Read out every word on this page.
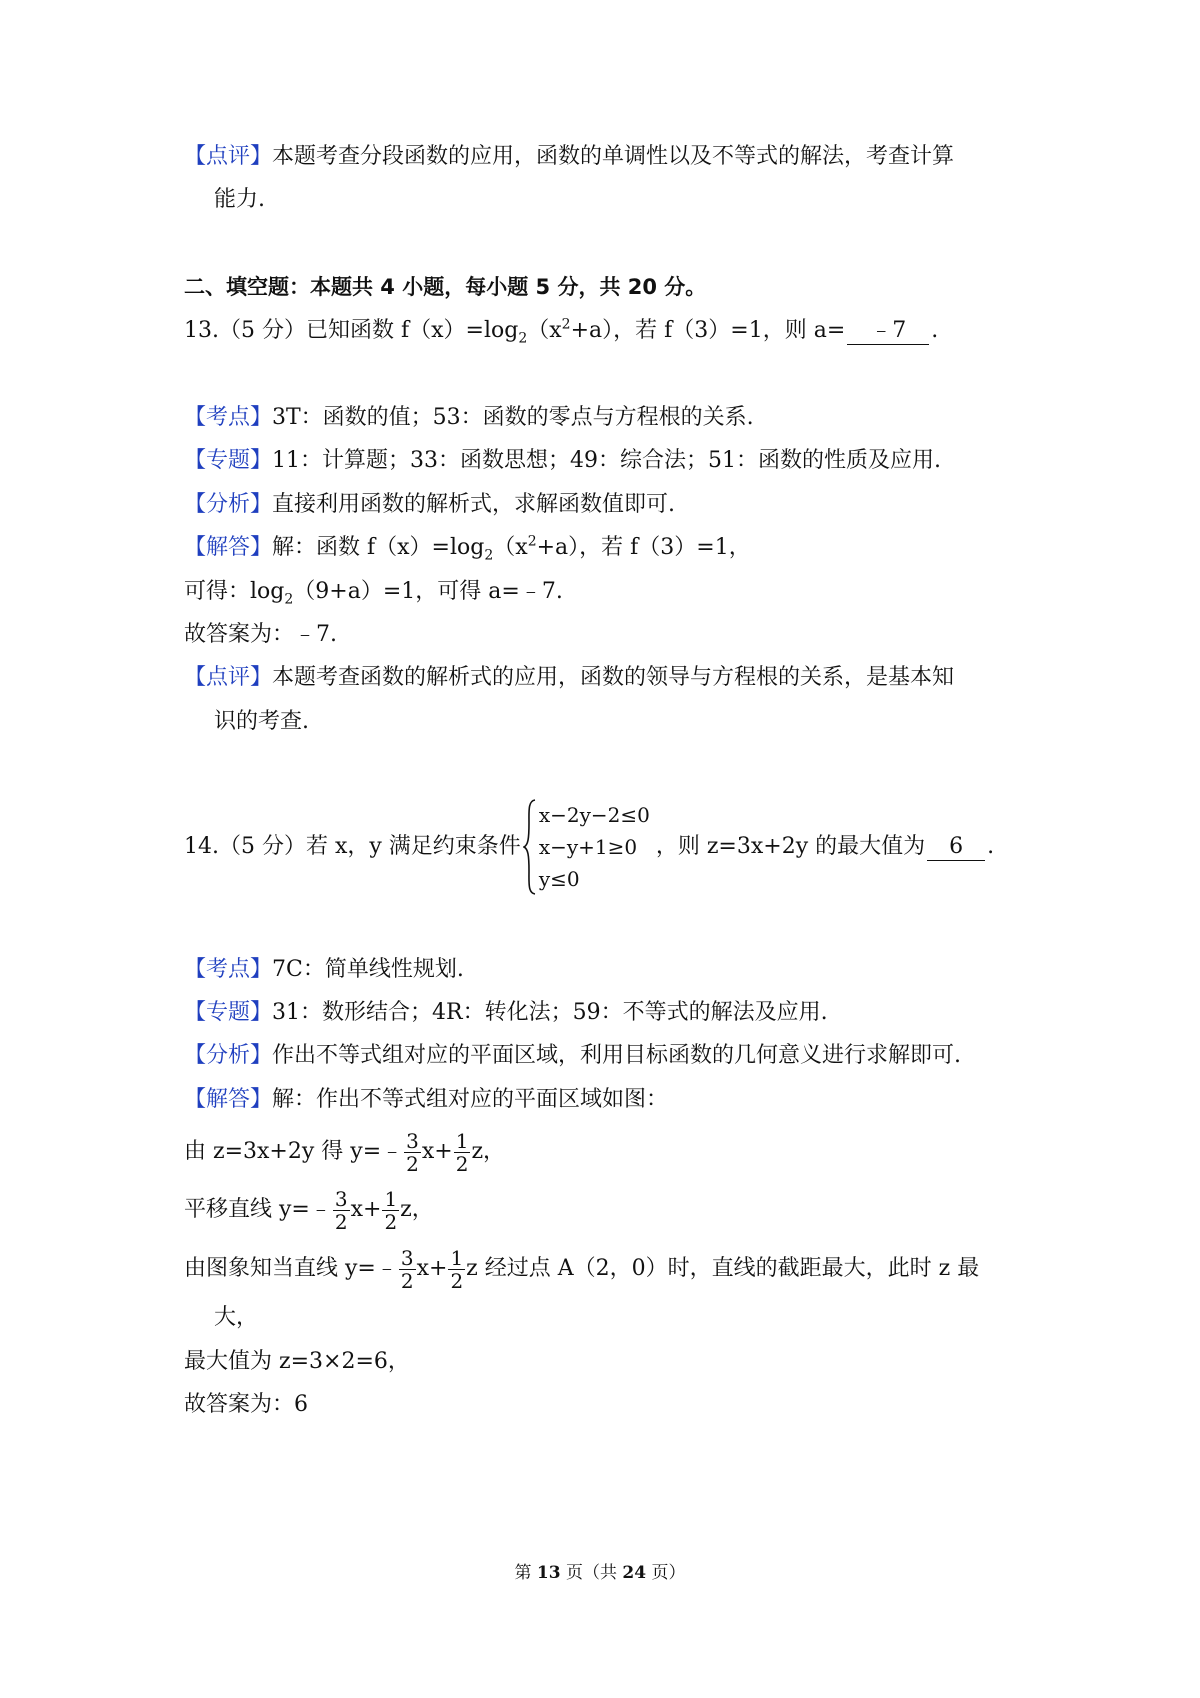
【点评】本题考查分段函数的应用，函数的单调性以及不等式的解法，考查计算
能力.
二、填空题：本题共 4 小题，每小题 5 分，共 20 分。
13.（5 分）已知函数 $f(x)=\log_2(x^2+a)$，若 f（3）=1，则 a= ﹣7 .
【考点】3T：函数的值；53：函数的零点与方程根的关系.
【专题】11：计算题；33：函数思想；49：综合法；51：函数的性质及应用.
【分析】直接利用函数的解析式，求解函数值即可.
【解答】解：函数 $f(x)=\log_2(x^2+a)$，若 f（3）=1，
可得：$\log_2(9+a)=1$，可得 a=﹣7.
故答案为：﹣7.
【点评】本题考查函数的解析式的应用，函数的领导与方程根的关系，是基本知
识的考查.
14.（5 分）若 x，y 满足约束条件
x−2y−2≤0
x−y+1≥0
y≤0
，则 z=3x+2y 的最大值为 6 .
【考点】7C：简单线性规划.
【专题】31：数形结合；4R：转化法；59：不等式的解法及应用.
【分析】作出不等式组对应的平面区域，利用目标函数的几何意义进行求解即可.
【解答】解：作出不等式组对应的平面区域如图：
由 z=3x+2y 得 y=﹣ $\frac{3}{2} x+ \frac{1}{2}$ z，
平移直线 y=﹣ $\frac{3}{2} x+ \frac{1}{2}$ z，
由图象知当直线 y=﹣ $\frac{3}{2} x+ \frac{1}{2}$ z 经过点 A（2，0）时，直线的截距最大，此时 z 最
大，
最大值为 z=3×2=6，
故答案为：6
第 13 页（共 24 页）
